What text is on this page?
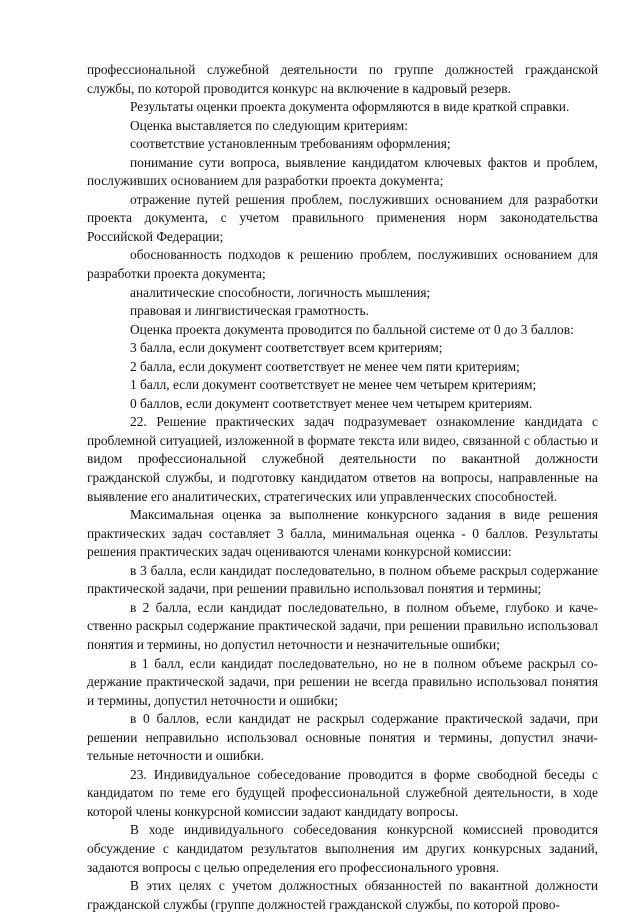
профессиональной служебной деятельности по группе должностей гражданской службы, по которой проводится конкурс на включение в кадровый резерв.

Результаты оценки проекта документа оформляются в виде краткой справки.

Оценка выставляется по следующим критериям:

соответствие установленным требованиям оформления;

понимание сути вопроса, выявление кандидатом ключевых фактов и проблем, послуживших основанием для разработки проекта документа;

отражение путей решения проблем, послуживших основанием для разработки проекта документа, с учетом правильного применения норм законодательства Российской Федерации;

обоснованность подходов к решению проблем, послуживших основанием для разработки проекта документа;

аналитические способности, логичность мышления;

правовая и лингвистическая грамотность.

Оценка проекта документа проводится по балльной системе от 0 до 3 баллов:

3 балла, если документ соответствует всем критериям;

2 балла, если документ соответствует не менее чем пяти критериям;

1 балл, если документ соответствует не менее чем четырем критериям;

0 баллов, если документ соответствует менее чем четырем критериям.

22. Решение практических задач подразумевает ознакомление кандидата с проблемной ситуацией, изложенной в формате текста или видео, связанной с областью и видом профессиональной служебной деятельности по вакантной должности гражданской службы, и подготовку кандидатом ответов на вопросы, направленные на выявление его аналитических, стратегических или управленческих способностей.

Максимальная оценка за выполнение конкурсного задания в виде решения практических задач составляет 3 балла, минимальная оценка - 0 баллов. Результаты решения практических задач оцениваются членами конкурсной комиссии:

в 3 балла, если кандидат последовательно, в полном объеме раскрыл содержание практической задачи, при решении правильно использовал понятия и термины;

в 2 балла, если кандидат последовательно, в полном объеме, глубоко и качественно раскрыл содержание практической задачи, при решении правильно использовал понятия и термины, но допустил неточности и незначительные ошибки;

в 1 балл, если кандидат последовательно, но не в полном объеме раскрыл содержание практической задачи, при решении не всегда правильно использовал понятия и термины, допустил неточности и ошибки;

в 0 баллов, если кандидат не раскрыл содержание практической задачи, при решении неправильно использовал основные понятия и термины, допустил значительные неточности и ошибки.

23. Индивидуальное собеседование проводится в форме свободной беседы с кандидатом по теме его будущей профессиональной служебной деятельности, в ходе которой члены конкурсной комиссии задают кандидату вопросы.

В ходе индивидуального собеседования конкурсной комиссией проводится обсуждение с кандидатом результатов выполнения им других конкурсных заданий, задаются вопросы с целью определения его профессионального уровня.

В этих целях с учетом должностных обязанностей по вакантной должности гражданской службы (группе должностей гражданской службы, по которой прово-
